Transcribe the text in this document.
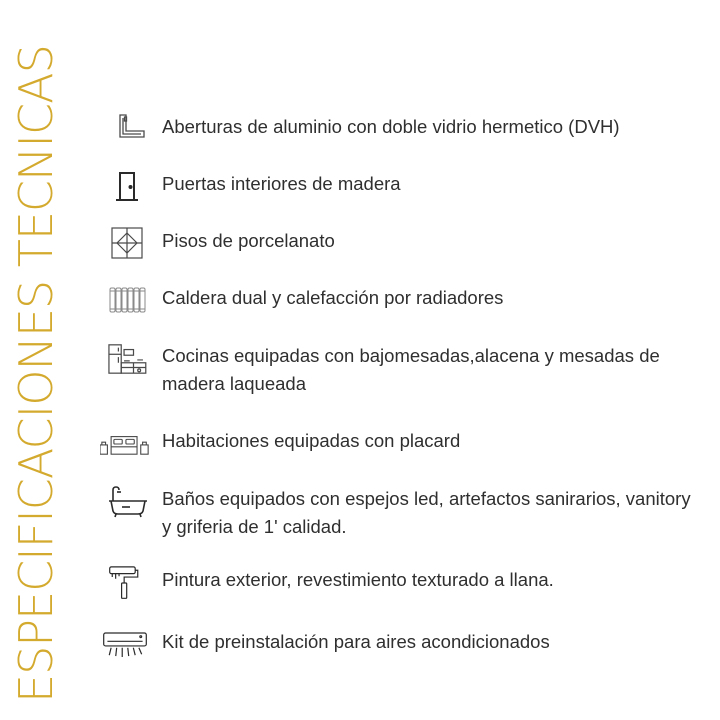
ESPECIFICACIONES TECNICAS	Aberturas de aluminio con doble vidrio hermetico (DVH)
Puertas interiores de madera
Pisos de porcelanato
Caldera dual y calefacción por radiadores
Cocinas equipadas con bajomesadas,alacena y mesadas de madera laqueada
Habitaciones equipadas con placard
Baños equipados con espejos led, artefactos sanirarios, vanitory y griferia de 1' calidad.
Pintura exterior, revestimiento texturado a llana.
Kit de preinstalación para aires acondicionados
